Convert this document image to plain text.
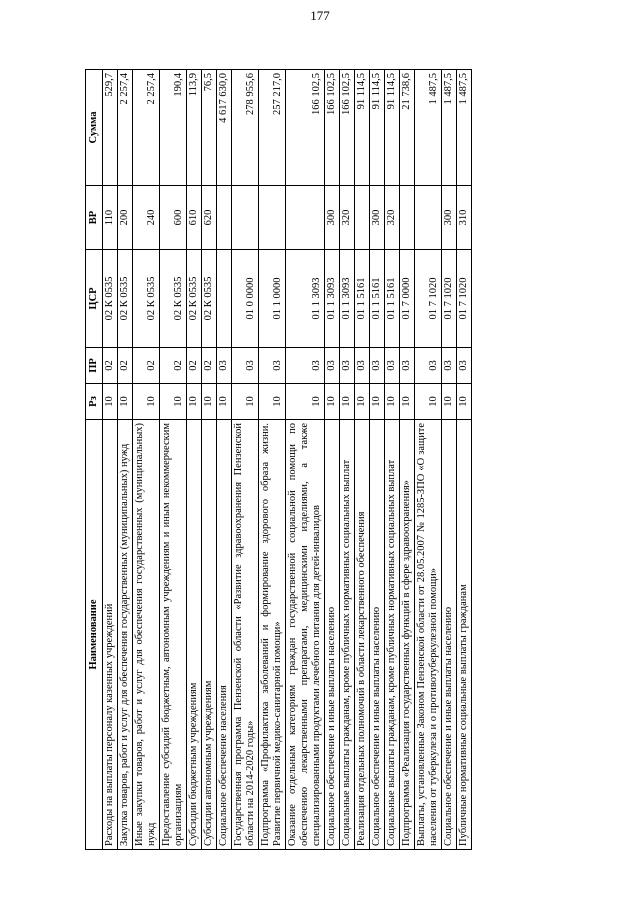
177
Наименование	Рз	ПР	ЦСР	ВР	Сумма
Расходы на выплаты персоналу казенных учреждений	10	02	02 К 0535	110	529,7
Закупка товаров, работ и услуг для обеспечения государственных (муниципальных) нужд	10	02	02 К 0535	200	2 257,4
Иные закупки товаров, работ и услуг для обеспечения государственных (муниципальных) нужд	10	02	02 К 0535	240	2 257,4
Предоставление субсидий бюджетным, автономным учреждениям и иным некоммерческим организациям	10	02	02 К 0535	600	190,4
Субсидии бюджетным учреждениям	10	02	02 К 0535	610	113,9
Субсидии автономным учреждениям	10	02	02 К 0535	620	76,5
Социальное обеспечение населения	10	03			4 617 630,0
Государственная программа Пензенской области «Развитие здравоохранения Пензенской области на 2014-2020 годы»	10	03	01 0 0000		278 955,6
Подпрограмма «Профилактика заболеваний и формирование здорового образа жизни. Развитие первичной медико-санитарной помощи»	10	03	01 1 0000		257 217,0
Оказание отдельным категориям граждан государственной социальной помощи по обеспечению лекарственными препаратами, медицинскими изделиями, а также специализированными продуктами лечебного питания для детей-инвалидов	10	03	01 1 3093		166 102,5
Социальное обеспечение и иные выплаты населению	10	03	01 1 3093	300	166 102,5
Социальные выплаты гражданам, кроме публичных нормативных социальных выплат	10	03	01 1 3093	320	166 102,5
Реализация отдельных полномочий в области лекарственного обеспечения	10	03	01 1 5161		91 114,5
Социальное обеспечение и иные выплаты населению	10	03	01 1 5161	300	91 114,5
Социальные выплаты гражданам, кроме публичных нормативных социальных выплат	10	03	01 1 5161	320	91 114,5
Подпрограмма «Реализация государственных функций в сфере здравоохранения»	10	03	01 7 0000		21 738,6
Выплаты, установленные Законом Пензенской области от 28.05.2007 № 1285-ЗПО «О защите населения от туберкулеза и о противотуберкулезной помощи»	10	03	01 7 1020		1 487,5
Социальное обеспечение и иные выплаты населению	10	03	01 7 1020	300	1 487,5
Публичные нормативные социальные выплаты гражданам	10	03	01 7 1020	310	1 487,5
